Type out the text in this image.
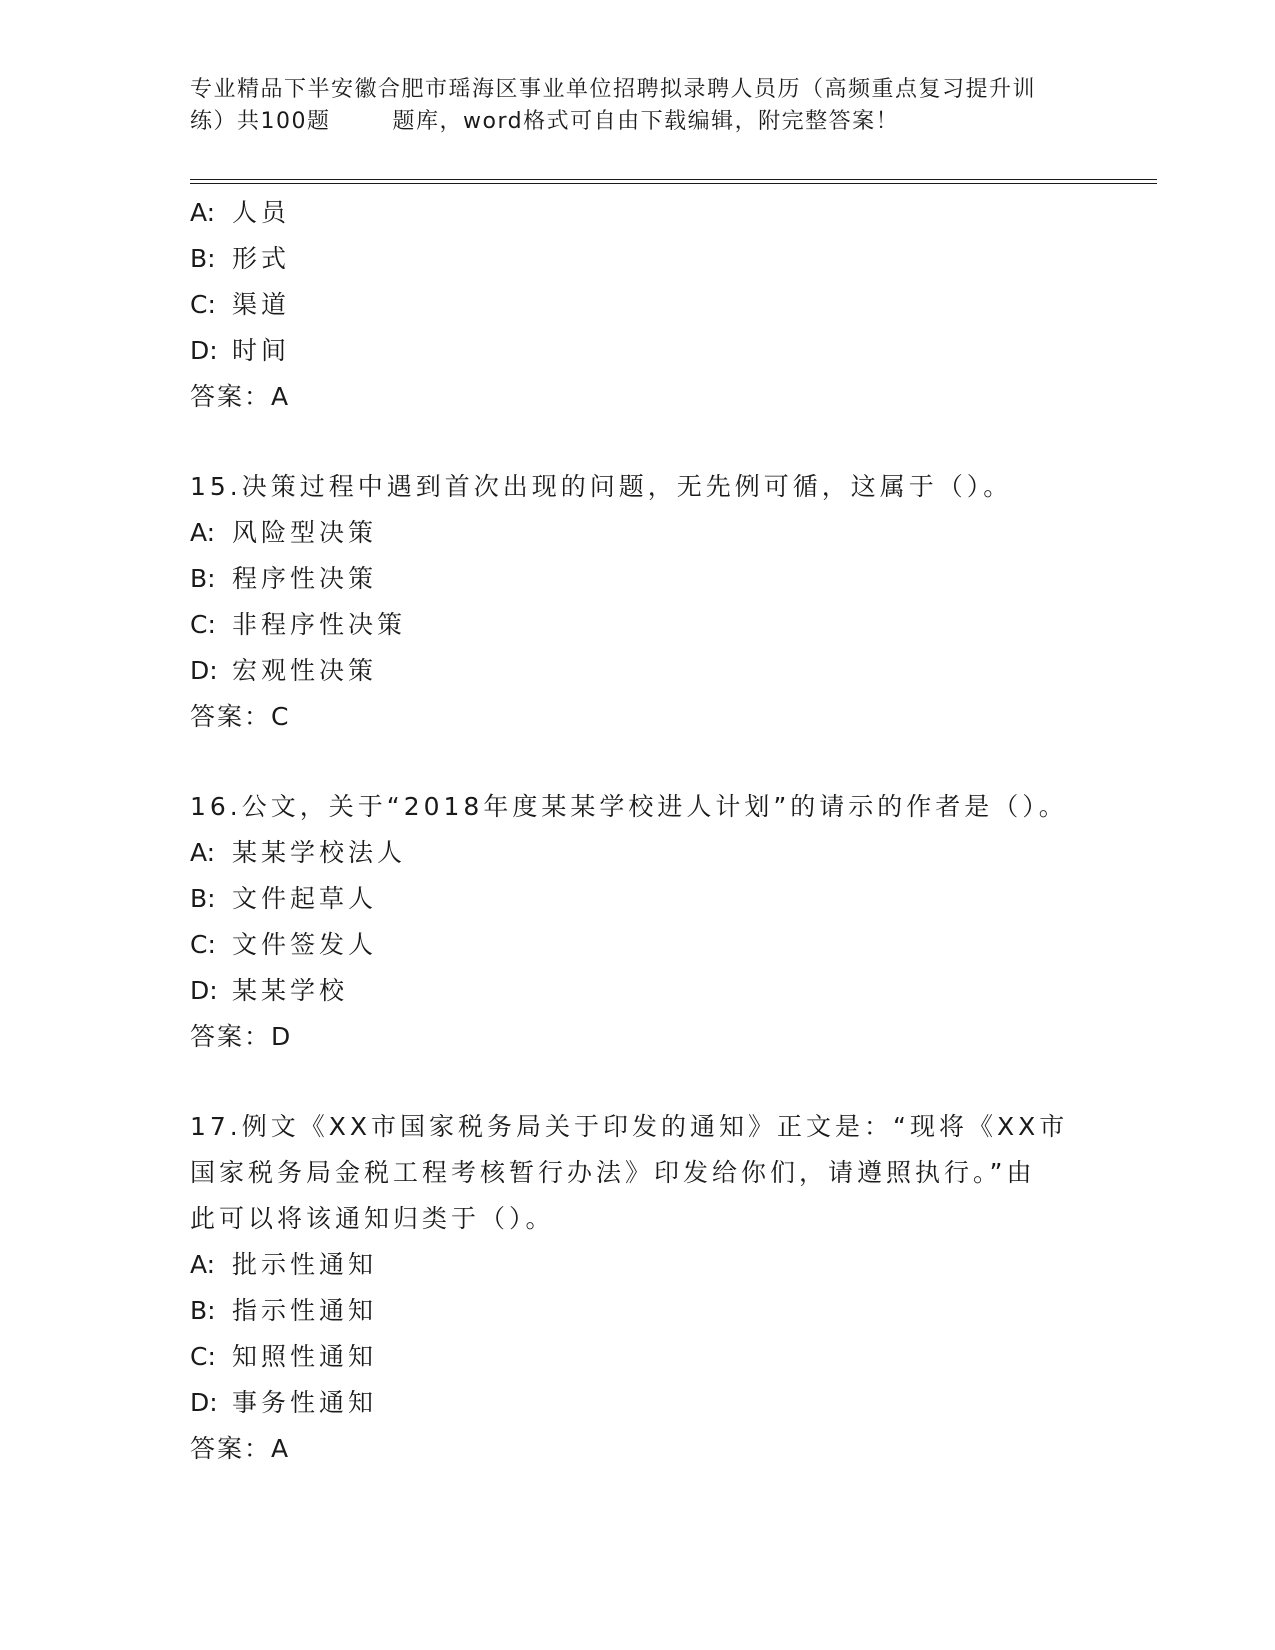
专业精品下半安徽合肥市瑶海区事业单位招聘拟录聘人员历（高频重点复习提升训
练）共100题	题库，word格式可自由下载编辑，附完整答案！
A: 人员
B: 形式
C: 渠道
D: 时间
答案：A
15.决策过程中遇到首次出现的问题，无先例可循，这属于（）。
A: 风险型决策
B: 程序性决策
C: 非程序性决策
D: 宏观性决策
答案：C
16.公文，关于“2018年度某某学校进人计划”的请示的作者是（）。
A: 某某学校法人
B: 文件起草人
C: 文件签发人
D: 某某学校
答案：D
17.例文《XX市国家税务局关于印发的通知》正文是：“现将《XX市
国家税务局金税工程考核暂行办法》印发给你们，请遵照执行。”由
此可以将该通知归类于（）。
A: 批示性通知
B: 指示性通知
C: 知照性通知
D: 事务性通知
答案：A
